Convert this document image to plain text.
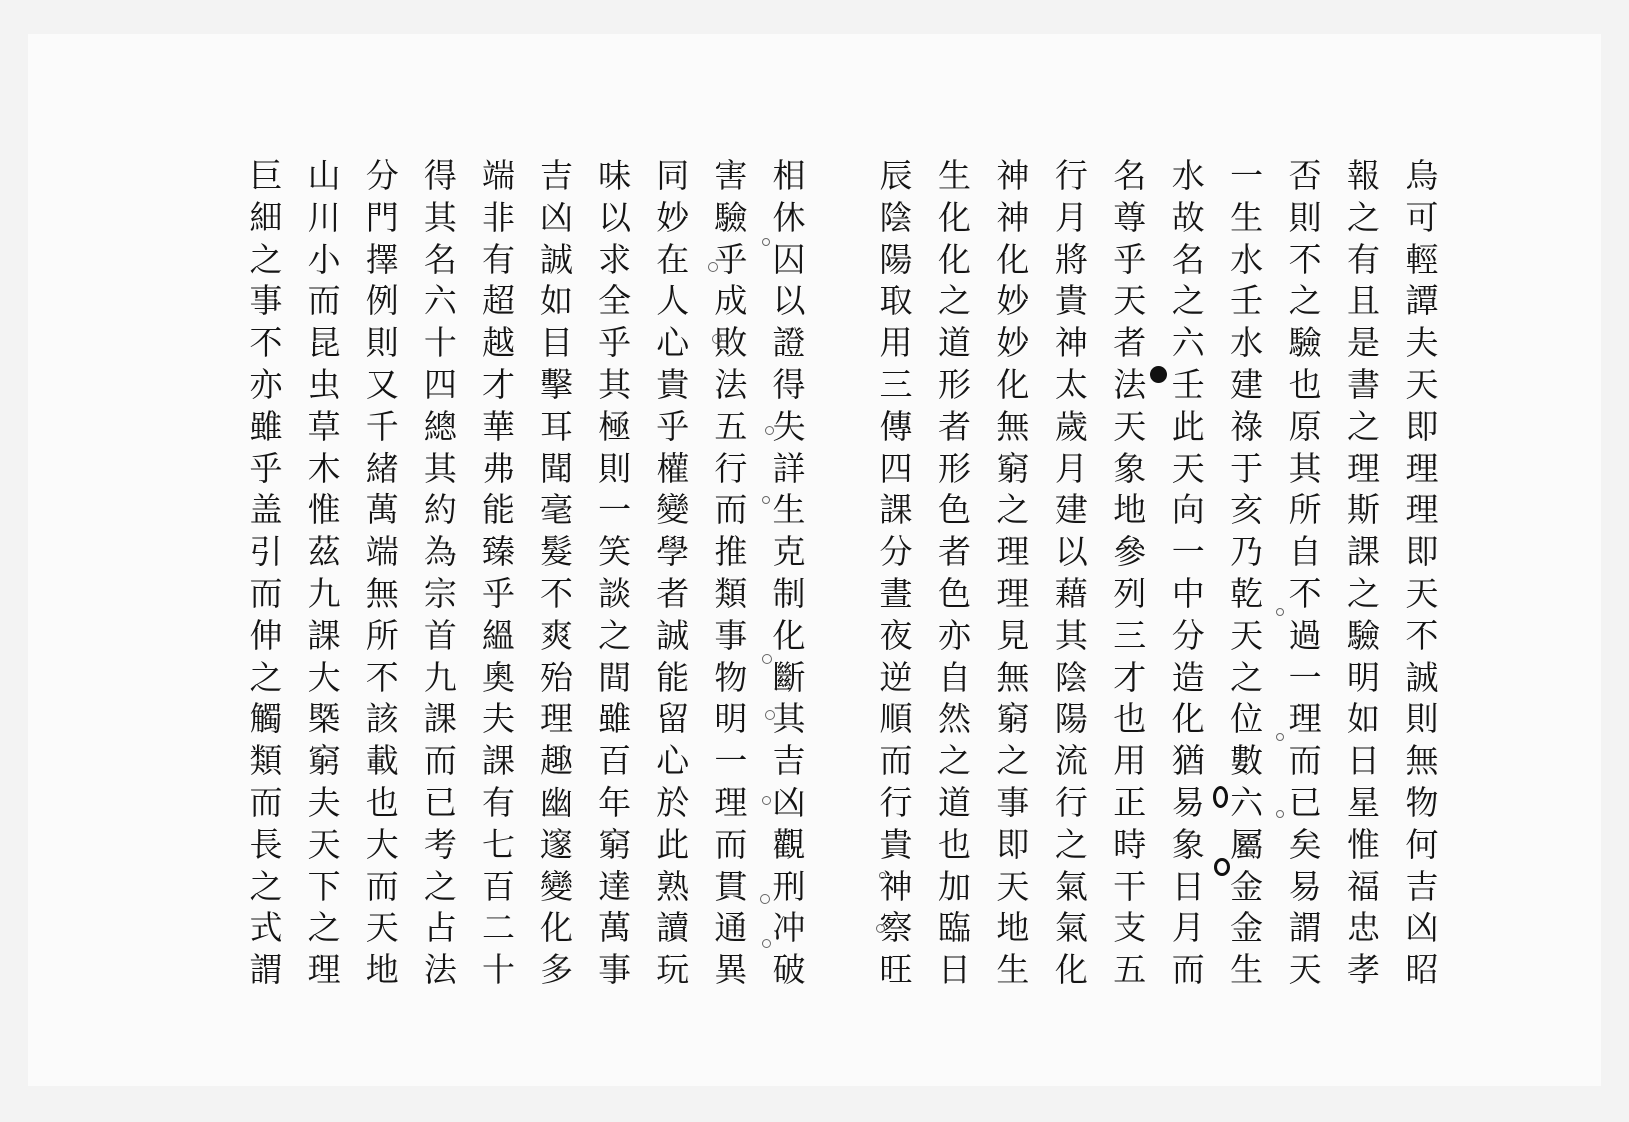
烏
可
輕
譚
夫
天
即
理
理
即
天
不
誠
則
無
物
何
吉
凶
昭
報
之
有
且
是
書
之
理
斯
課
之
驗
明
如
日
星
惟
福
忠
孝
否
則
不
之
驗
也
原
其
所
自
不
過
一
理
而
已
矣
易
謂
天
一
生
水
壬
水
建
祿
于
亥
乃
乾
天
之
位
數
六
屬
金
金
生
水
故
名
之
六
壬
此
天
向
一
中
分
造
化
猶
易
象
日
月
而
名
尊
乎
天
者
法
天
象
地
參
列
三
才
也
用
正
時
干
支
五
行
月
將
貴
神
太
歲
月
建
以
藉
其
陰
陽
流
行
之
氣
氣
化
神
神
化
妙
妙
化
無
窮
之
理
理
見
無
窮
之
事
即
天
地
生
生
化
化
之
道
形
者
形
色
者
色
亦
自
然
之
道
也
加
臨
日
辰
陰
陽
取
用
三
傳
四
課
分
晝
夜
逆
順
而
行
貴
神
察
旺
相
休
囚
以
證
得
失
詳
生
克
制
化
斷
其
吉
凶
觀
刑
冲
破
害
驗
乎
成
敗
法
五
行
而
推
類
事
物
明
一
理
而
貫
通
異
同
妙
在
人
心
貴
乎
權
變
學
者
誠
能
留
心
於
此
熟
讀
玩
味
以
求
全
乎
其
極
則
一
笑
談
之
間
雖
百
年
窮
達
萬
事
吉
凶
誠
如
目
擊
耳
聞
毫
髮
不
爽
殆
理
趣
幽
邃
變
化
多
端
非
有
超
越
才
華
弗
能
臻
乎
縕
奧
夫
課
有
七
百
二
十
得
其
名
六
十
四
總
其
約
為
宗
首
九
課
而
已
考
之
占
法
分
門
擇
例
則
又
千
緒
萬
端
無
所
不
該
載
也
大
而
天
地
山
川
小
而
昆
虫
草
木
惟
茲
九
課
大
槩
窮
夫
天
下
之
理
巨
細
之
事
不
亦
雖
乎
盖
引
而
伸
之
觸
類
而
長
之
式
謂
